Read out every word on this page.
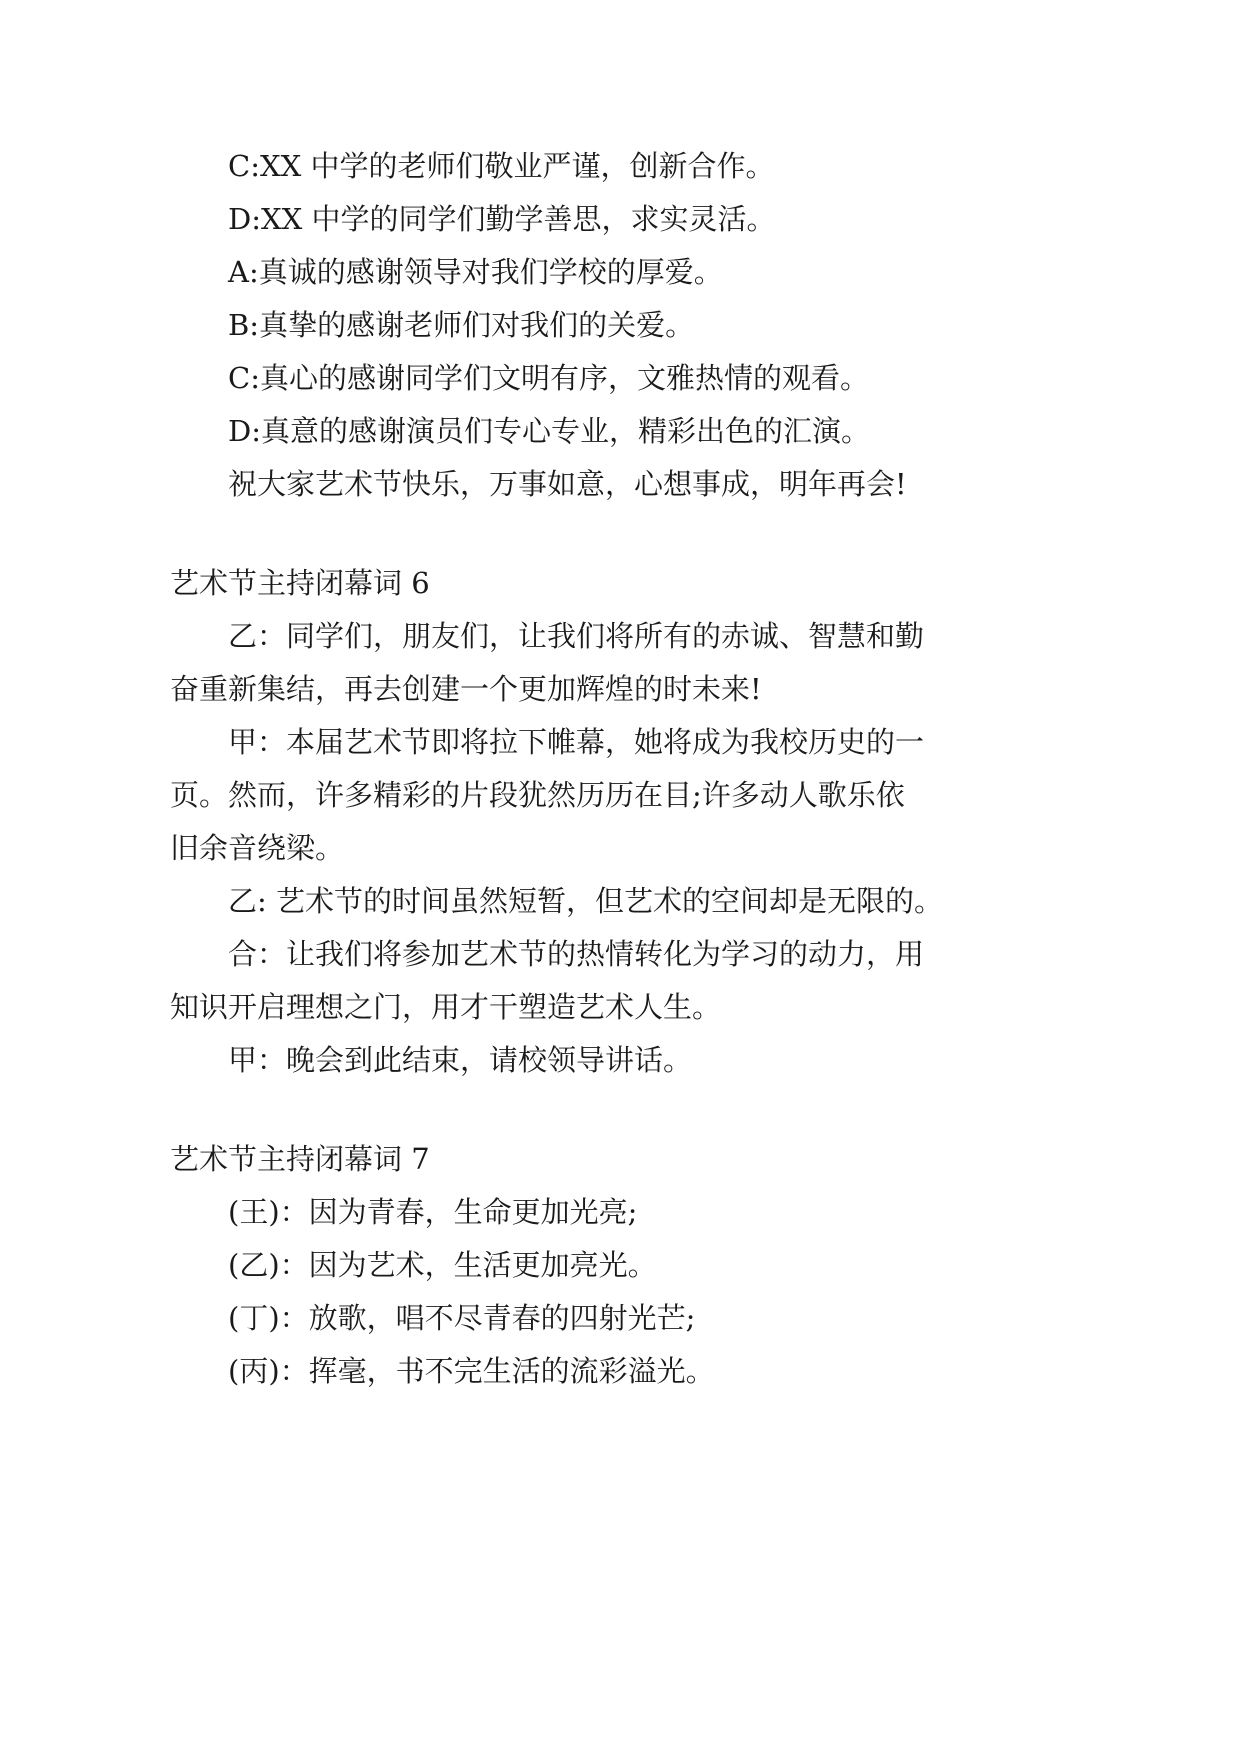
C:XX 中学的老师们敬业严谨，创新合作。
D:XX 中学的同学们勤学善思，求实灵活。
A:真诚的感谢领导对我们学校的厚爱。
B:真挚的感谢老师们对我们的关爱。
C:真心的感谢同学们文明有序，文雅热情的观看。
D:真意的感谢演员们专心专业，精彩出色的汇演。
祝大家艺术节快乐，万事如意，心想事成，明年再会!
艺术节主持闭幕词 6
乙：同学们，朋友们，让我们将所有的赤诚、智慧和勤
奋重新集结，再去创建一个更加辉煌的时未来!
甲：本届艺术节即将拉下帷幕，她将成为我校历史的一
页。然而，许多精彩的片段犹然历历在目;许多动人歌乐依
旧余音绕梁。
乙: 艺术节的时间虽然短暂，但艺术的空间却是无限的。
合：让我们将参加艺术节的热情转化为学习的动力，用
知识开启理想之门，用才干塑造艺术人生。
甲：晚会到此结束，请校领导讲话。
艺术节主持闭幕词 7
(王)：因为青春，生命更加光亮;
(乙)：因为艺术，生活更加亮光。
(丁)：放歌，唱不尽青春的四射光芒;
(丙)：挥毫，书不完生活的流彩溢光。
